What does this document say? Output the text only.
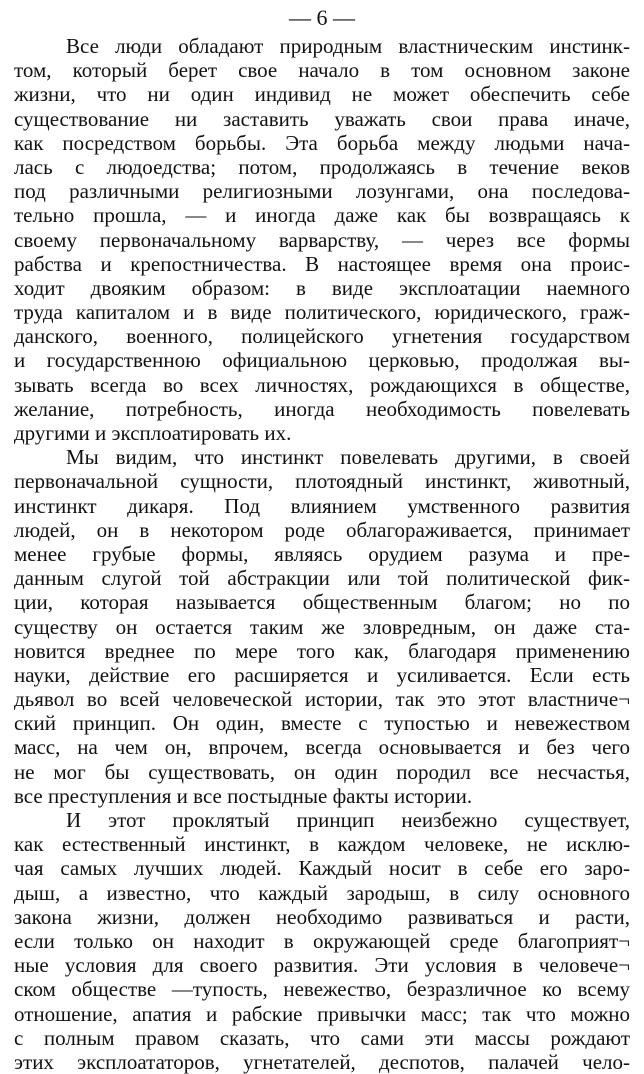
— 6 —
Все люди обладают природным властническим инстинк-
том, который берет свое начало в том основном законе
жизни, что ни один индивид не может обеспечить себе
существование ни заставить уважать свои права иначе,
как посредством борьбы. Эта борьба между людьми нача-
лась с людоедства; потом, продолжаясь в течение веков
под различными религиозными лозунгами, она последова-
тельно прошла, — и иногда даже как бы возвращаясь к
своему первоначальному варварству, — через все формы
рабства и крепостничества. В настоящее время она проис-
ходит двояким образом: в виде эксплоатации наемного
труда капиталом и в виде политического, юридического, граж-
данского, военного, полицейского угнетения государством
и государственною официальною церковью, продолжая вы-
зывать всегда во всех личностях, рождающихся в обществе,
желание, потребность, иногда необходимость повелевать
другими и эксплоатировать их.
Мы видим, что инстинкт повелевать другими, в своей
первоначальной сущности, плотоядный инстинкт, животный,
инстинкт дикаря. Под влиянием умственного развития
людей, он в некотором роде облагораживается, принимает
менее грубые формы, являясь орудием разума и пре-
данным слугой той абстракции или той политической фик-
ции, которая называется общественным благом; но по
существу он остается таким же зловредным, он даже ста-
новится вреднее по мере того как, благодаря применению
науки, действие его расширяется и усиливается. Если есть
дьявол во всей человеческой истории, так это этот властниче¬
ский принцип. Он один, вместе с тупостью и невежеством
масс, на чем он, впрочем, всегда основывается и без чего
не мог бы существовать, он один породил все несчастья,
все преступления и все постыдные факты истории.
И этот проклятый принцип неизбежно существует,
как естественный инстинкт, в каждом человеке, не исклю-
чая самых лучших людей. Каждый носит в себе его заро-
дыш, а известно, что каждый зародыш, в силу основного
закона жизни, должен необходимо развиваться и расти,
если только он находит в окружающей среде благоприят¬
ные условия для своего развития. Эти условия в человече¬
ском обществе —тупость, невежество, безразличное ко всему
отношение, апатия и рабские привычки масс; так что можно
с полным правом сказать, что сами эти массы рождают
этих эксплоататоров, угнетателей, деспотов, палачей чело-
